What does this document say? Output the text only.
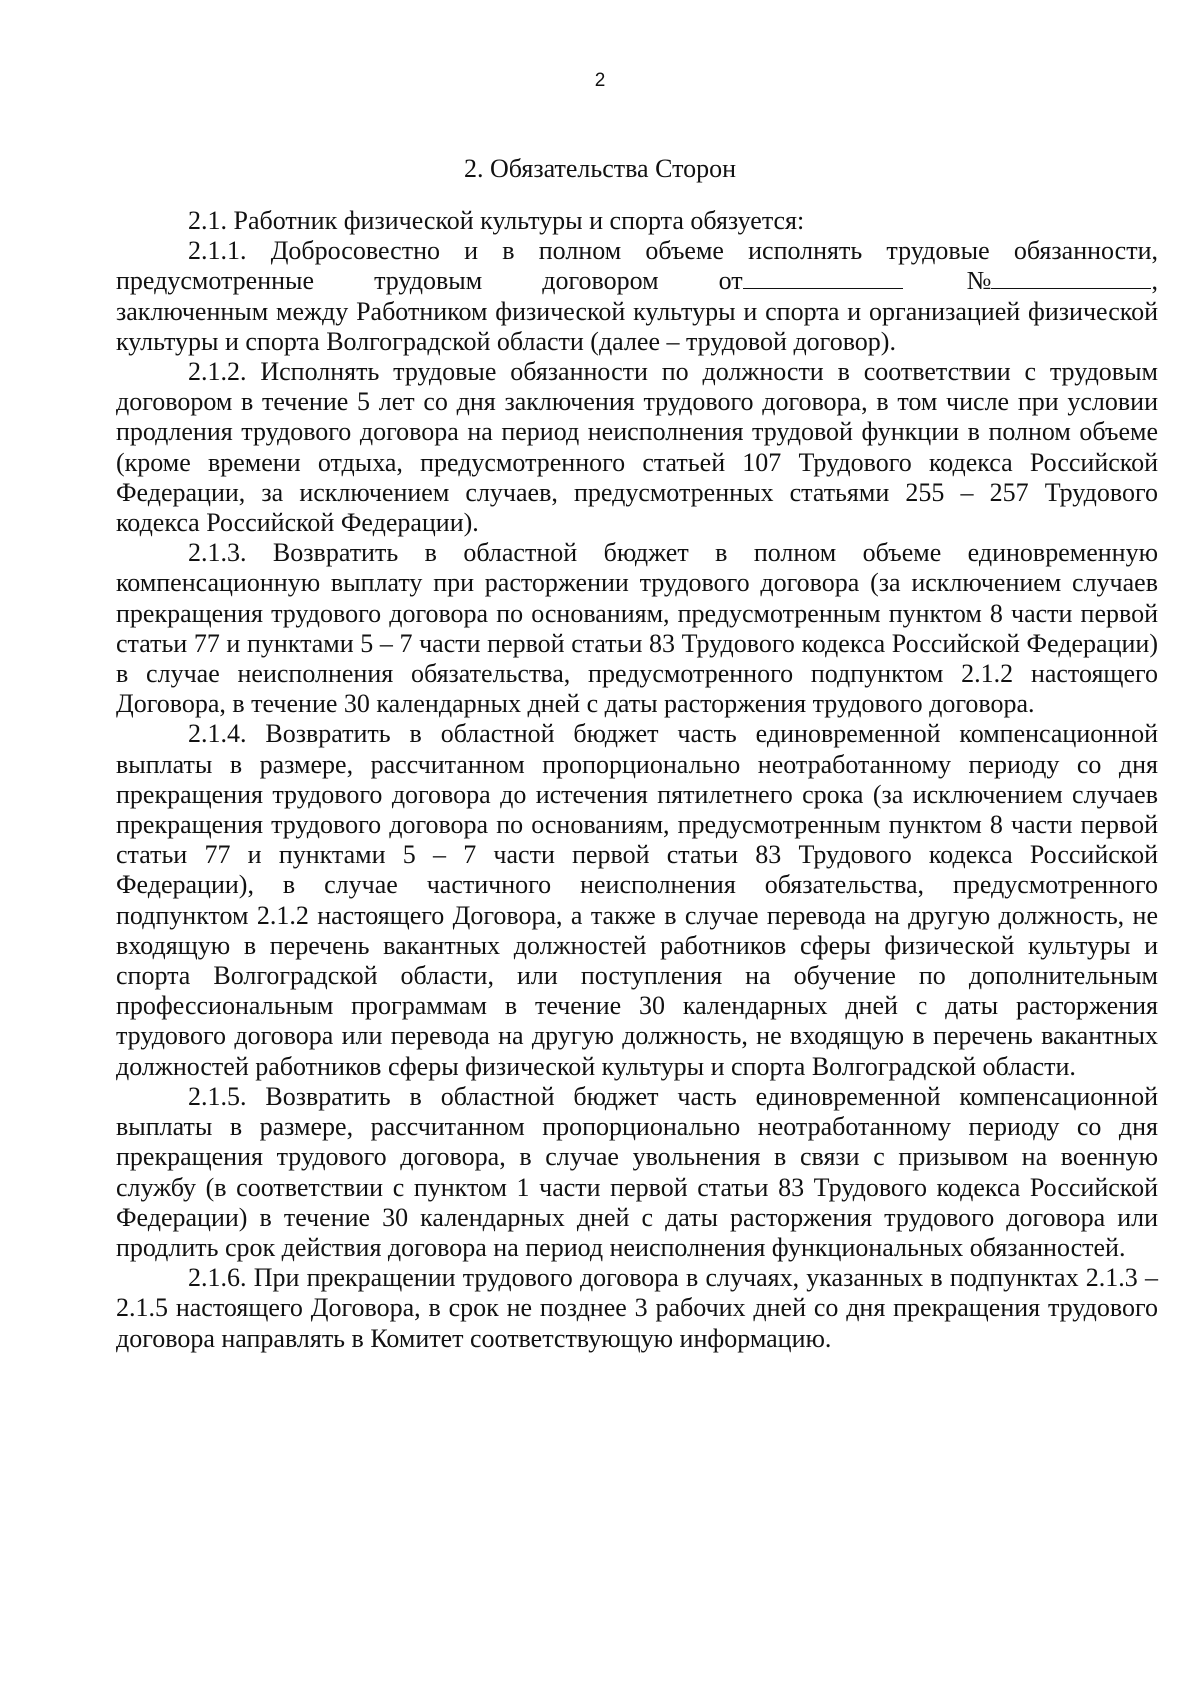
2
2. Обязательства Сторон

2.1. Работник физической культуры и спорта обязуется:

2.1.1. Добросовестно и в полном объеме исполнять трудовые обязанности,

предусмотренные трудовым договором от	№	,

заключенным между Работником физической культуры и спорта и организацией физической культуры и спорта Волгоградской области (далее – трудовой договор).

2.1.2. Исполнять трудовые обязанности по должности в соответствии с трудовым договором в течение 5 лет со дня заключения трудового договора, в том числе при условии продления трудового договора на период неисполнения трудовой функции в полном объеме (кроме времени отдыха, предусмотренного статьей 107 Трудового кодекса Российской Федерации, за исключением случаев, предусмотренных статьями 255 – 257 Трудового кодекса Российской Федерации).

2.1.3. Возвратить в областной бюджет в полном объеме единовременную компенсационную выплату при расторжении трудового договора (за исключением случаев прекращения трудового договора по основаниям, предусмотренным пунктом 8 части первой статьи 77 и пунктами 5 – 7 части первой статьи 83 Трудового кодекса Российской Федерации) в случае неисполнения обязательства, предусмотренного подпунктом 2.1.2 настоящего Договора, в течение 30 календарных дней с даты расторжения трудового договора.

2.1.4. Возвратить в областной бюджет часть единовременной компенсационной выплаты в размере, рассчитанном пропорционально неотработанному периоду со дня прекращения трудового договора до истечения пятилетнего срока (за исключением случаев прекращения трудового договора по основаниям, предусмотренным пунктом 8 части первой статьи 77 и пунктами 5 – 7 части первой статьи 83 Трудового кодекса Российской Федерации), в случае частичного неисполнения обязательства, предусмотренного подпунктом 2.1.2 настоящего Договора, а также в случае перевода на другую должность, не входящую в перечень вакантных должностей работников сферы физической культуры и спорта Волгоградской области, или поступления на обучение по дополнительным профессиональным программам в течение 30 календарных дней с даты расторжения трудового договора или перевода на другую должность, не входящую в перечень вакантных должностей работников сферы физической культуры и спорта Волгоградской области.

2.1.5. Возвратить в областной бюджет часть единовременной компенсационной выплаты в размере, рассчитанном пропорционально неотработанному периоду со дня прекращения трудового договора, в случае увольнения в связи с призывом на военную службу (в соответствии с пунктом 1 части первой статьи 83 Трудового кодекса Российской Федерации) в течение 30 календарных дней с даты расторжения трудового договора или продлить срок действия договора на период неисполнения функциональных обязанностей.

2.1.6. При прекращении трудового договора в случаях, указанных в подпунктах 2.1.3 – 2.1.5 настоящего Договора, в срок не позднее 3 рабочих дней со дня прекращения трудового договора направлять в Комитет соответствующую информацию.
